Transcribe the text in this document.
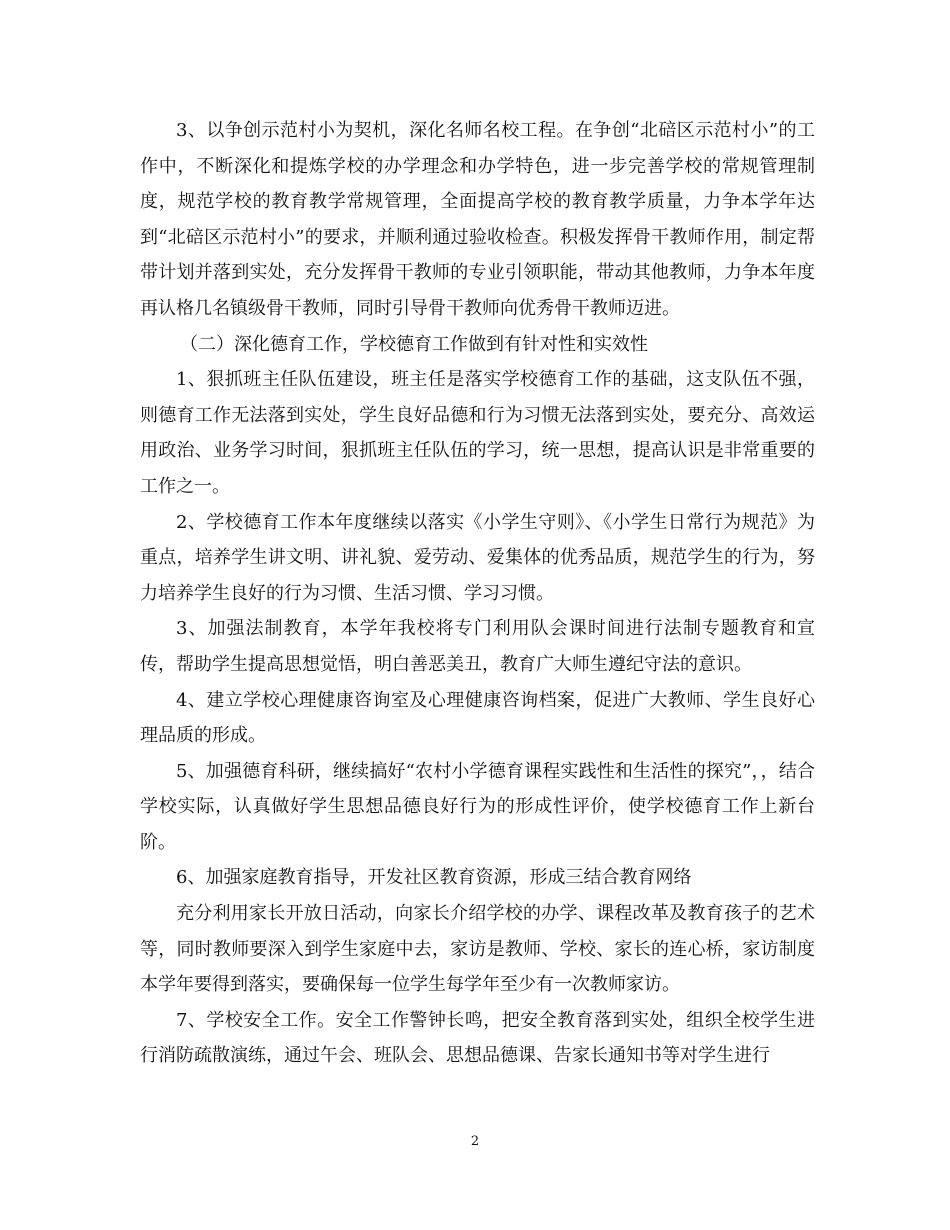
3、以争创示范村小为契机，深化名师名校工程。在争创“北碚区示范村小”的工作中，不断深化和提炼学校的办学理念和办学特色，进一步完善学校的常规管理制度，规范学校的教育教学常规管理，全面提高学校的教育教学质量，力争本学年达到“北碚区示范村小”的要求，并顺利通过验收检查。积极发挥骨干教师作用，制定帮带计划并落到实处，充分发挥骨干教师的专业引领职能，带动其他教师，力争本年度再认格几名镇级骨干教师，同时引导骨干教师向优秀骨干教师迈进。

（二）深化德育工作，学校德育工作做到有针对性和实效性

1、狠抓班主任队伍建设，班主任是落实学校德育工作的基础，这支队伍不强，则德育工作无法落到实处，学生良好品德和行为习惯无法落到实处，要充分、高效运用政治、业务学习时间，狠抓班主任队伍的学习，统一思想，提高认识是非常重要的工作之一。

2、学校德育工作本年度继续以落实《小学生守则》、《小学生日常行为规范》为重点，培养学生讲文明、讲礼貌、爱劳动、爱集体的优秀品质，规范学生的行为，努力培养学生良好的行为习惯、生活习惯、学习习惯。

3、加强法制教育，本学年我校将专门利用队会课时间进行法制专题教育和宣传，帮助学生提高思想觉悟，明白善恶美丑，教育广大师生遵纪守法的意识。

4、建立学校心理健康咨询室及心理健康咨询档案，促进广大教师、学生良好心理品质的形成。

5、加强德育科研，继续搞好“农村小学德育课程实践性和生活性的探究”，，结合学校实际，认真做好学生思想品德良好行为的形成性评价，使学校德育工作上新台阶。

6、加强家庭教育指导，开发社区教育资源，形成三结合教育网络

充分利用家长开放日活动，向家长介绍学校的办学、课程改革及教育孩子的艺术等，同时教师要深入到学生家庭中去，家访是教师、学校、家长的连心桥，家访制度本学年要得到落实，要确保每一位学生每学年至少有一次教师家访。

7、学校安全工作。安全工作警钟长鸣，把安全教育落到实处，组织全校学生进行消防疏散演练，通过午会、班队会、思想品德课、告家长通知书等对学生进行

2
